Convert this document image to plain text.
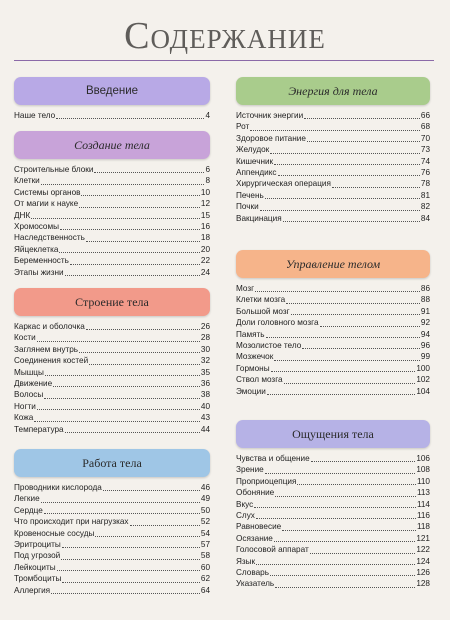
Содержание
Введение
Наше тело	4
Создание тела
Строительные блоки	6
Клетки	8
Системы органов	10
От магии к науке	12
ДНК	15
Хромосомы	16
Наследственность	18
Яйцеклетка	20
Беременность	22
Этапы жизни	24
Строение тела
Каркас и оболочка	26
Кости	28
Заглянем внутрь	30
Соединения костей	32
Мышцы	35
Движение	36
Волосы	38
Ногти	40
Кожа	43
Температура	44
Работа тела
Проводники кислорода	46
Легкие	49
Сердце	50
Что происходит при нагрузках	52
Кровеносные сосуды	54
Эритроциты	57
Под угрозой	58
Лейкоциты	60
Тромбоциты	62
Аллергия	64
Энергия для тела
Источник энергии	66
Рот	68
Здоровое питание	70
Желудок	73
Кишечник	74
Аппендикс	76
Хирургическая операция	78
Печень	81
Почки	82
Вакцинация	84
Управление телом
Мозг	86
Клетки мозга	88
Большой мозг	91
Доли головного мозга	92
Память	94
Мозолистое тело	96
Мозжечок	99
Гормоны	100
Ствол мозга	102
Эмоции	104
Ощущения тела
Чувства и общение	106
Зрение	108
Проприоцепция	110
Обоняние	113
Вкус	114
Слух	116
Равновесие	118
Осязание	121
Голосовой аппарат	122
Язык	124
Словарь	126
Указатель	128
